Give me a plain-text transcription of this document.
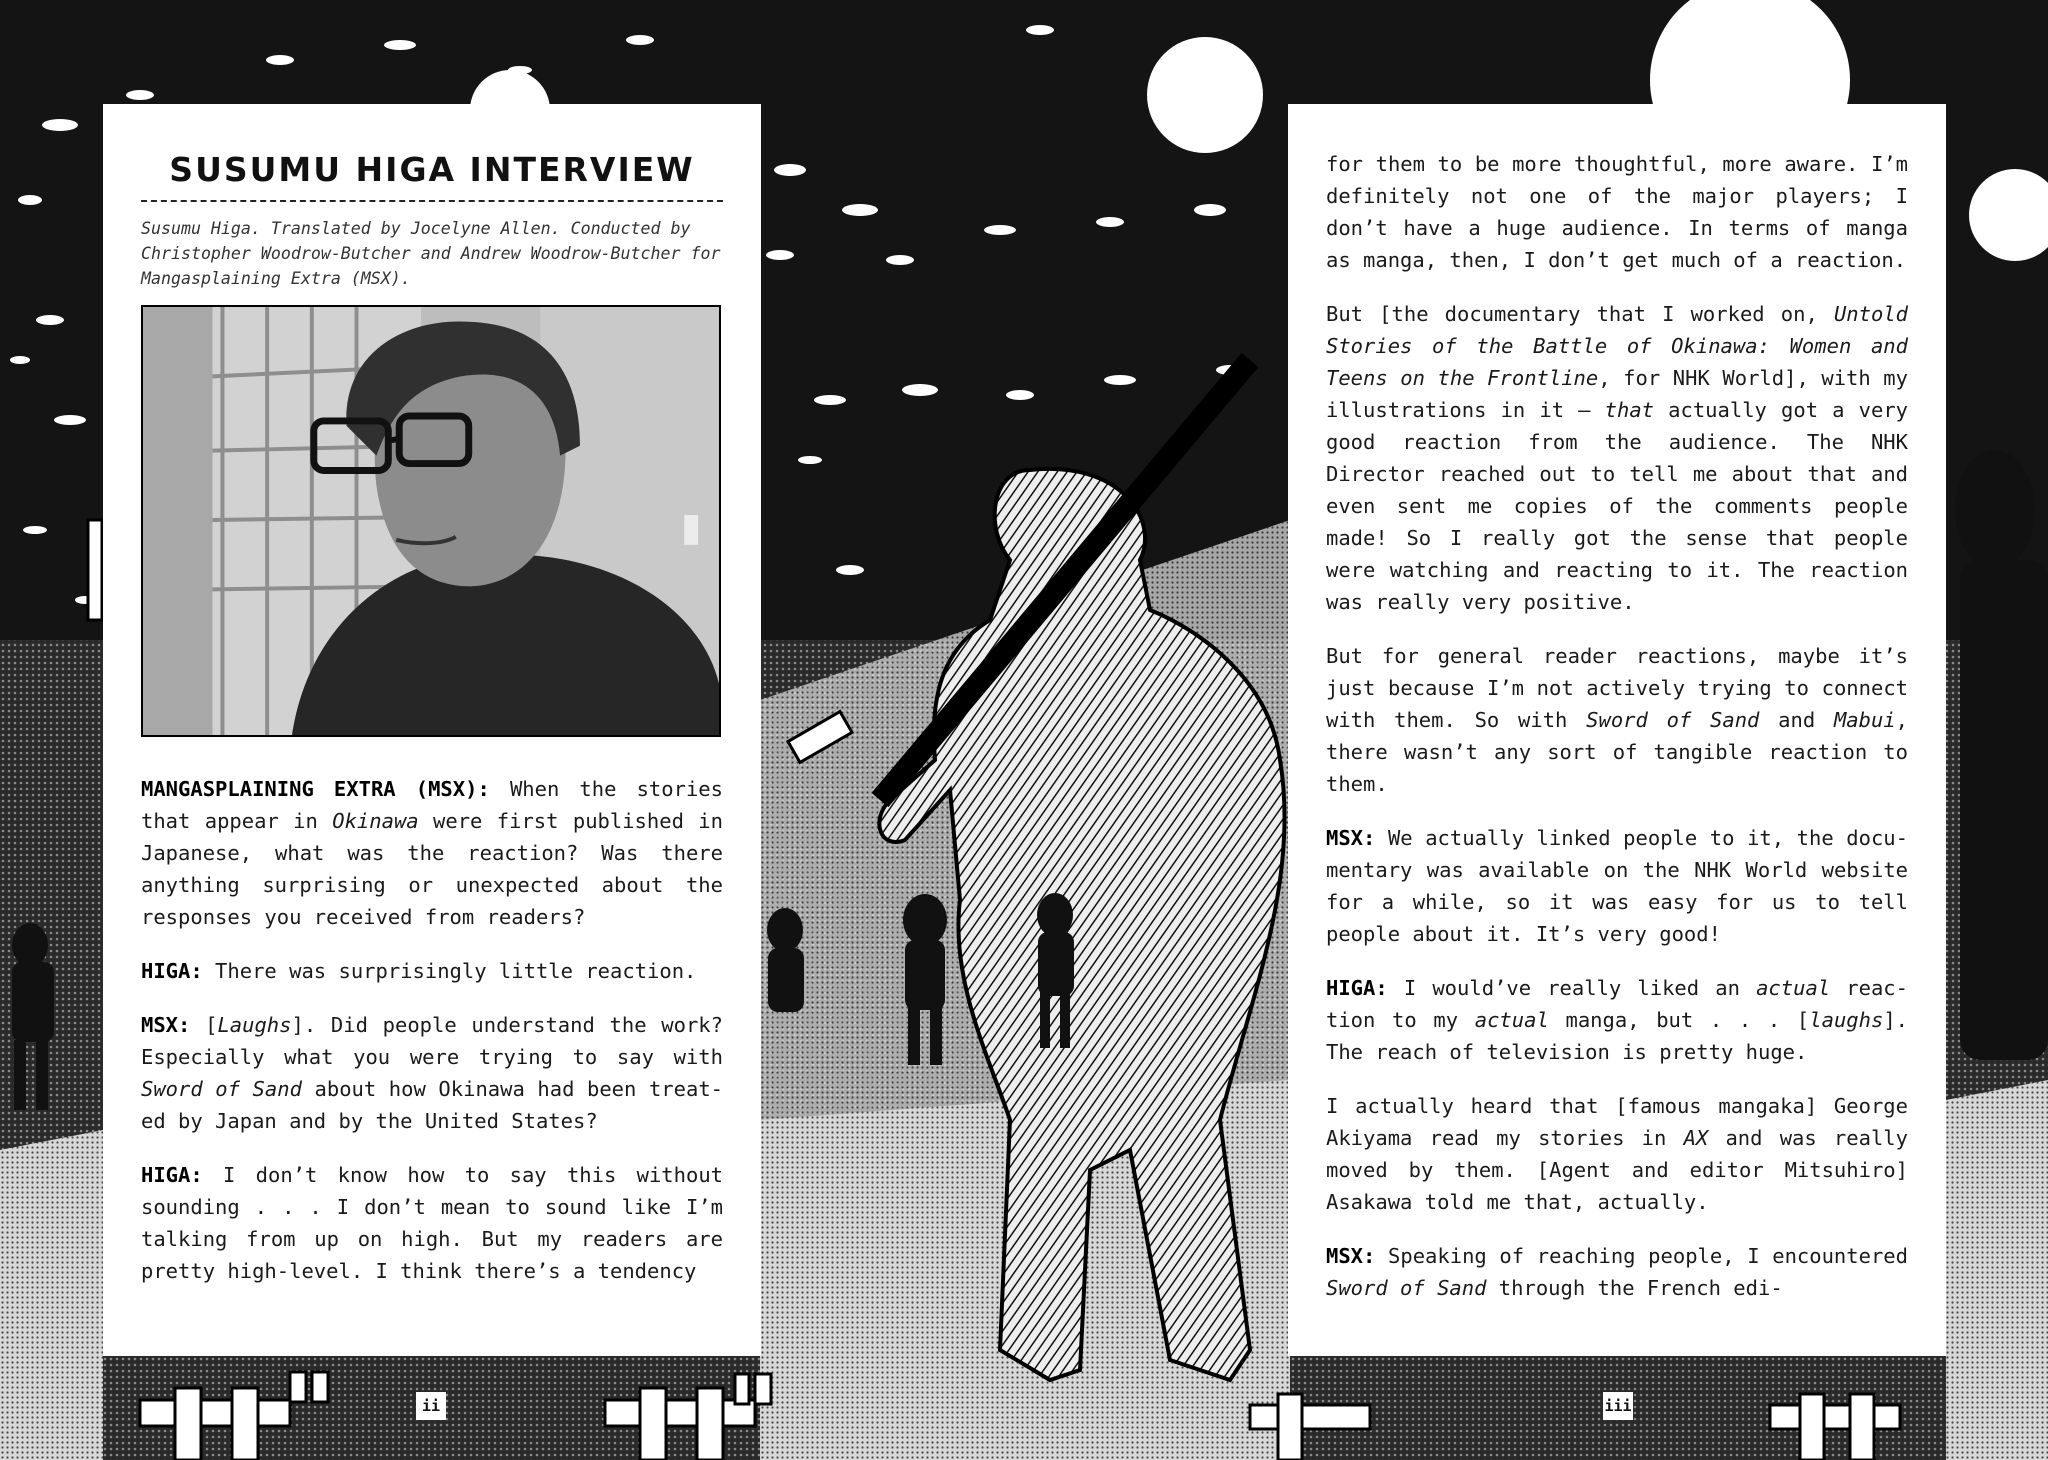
SUSUMU HIGA INTERVIEW

Susumu Higa. Translated by Jocelyne Allen. Conducted by Christopher Woodrow-Butcher and Andrew Woodrow-Butcher for Mangasplaining Extra (MSX).

MANGASPLAINING EXTRA (MSX): When the stories that appear in Okinawa were first published in Japanese, what was the reaction? Was there anything surprising or unexpected about the responses you received from readers?

HIGA: There was surprisingly little reaction.

MSX: [Laughs]. Did people understand the work? Especially what you were trying to say with Sword of Sand about how Okinawa had been treated by Japan and by the United States?

HIGA: I don’t know how to say this without sounding . . . I don’t mean to sound like I’m talking from up on high. But my readers are pretty high-level. I think there’s a tendency

for them to be more thoughtful, more aware. I’m definitely not one of the major players; I don’t have a huge audience. In terms of manga as manga, then, I don’t get much of a reaction.

But [the documentary that I worked on, Untold Stories of the Battle of Okinawa: Women and Teens on the Frontline, for NHK World], with my illustrations in it — that actually got a very good reaction from the audience. The NHK Director reached out to tell me about that and even sent me copies of the comments people made! So I really got the sense that people were watching and reacting to it. The reaction was really very positive.

But for general reader reactions, maybe it’s just because I’m not actively trying to connect with them. So with Sword of Sand and Mabui, there wasn’t any sort of tangible reaction to them.

MSX: We actually linked people to it, the documentary was available on the NHK World website for a while, so it was easy for us to tell people about it. It’s very good!

HIGA: I would’ve really liked an actual reaction to my actual manga, but . . . [laughs]. The reach of television is pretty huge.

I actually heard that [famous mangaka] George Akiyama read my stories in AX and was really moved by them. [Agent and editor Mitsuhiro] Asakawa told me that, actually.

MSX: Speaking of reaching people, I encountered Sword of Sand through the French edi-

ii	iii
